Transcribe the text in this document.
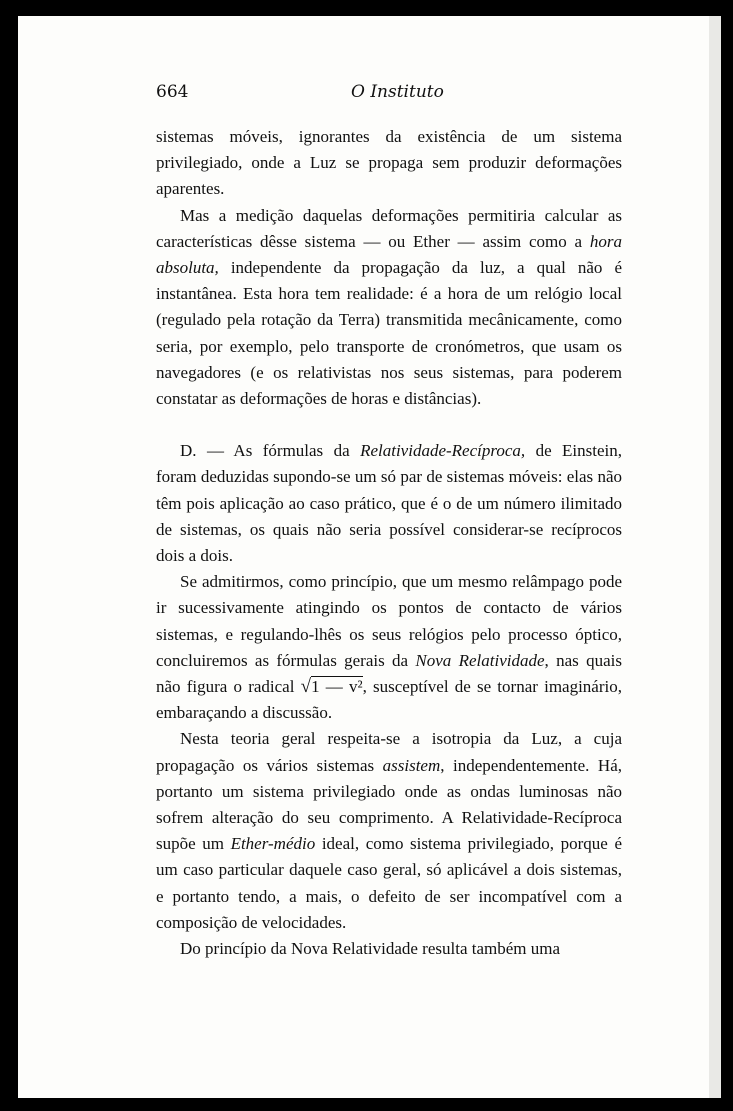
664	O Instituto

sistemas móveis, ignorantes da existência de um sistema privilegiado, onde a Luz se propaga sem produzir deformações aparentes.

Mas a medição daquelas deformações permitiria calcular as características dêsse sistema — ou Ether — assim como a hora absoluta, independente da propagação da luz, a qual não é instantânea. Esta hora tem realidade: é a hora de um relógio local (regulado pela rotação da Terra) transmitida mecânicamente, como seria, por exemplo, pelo transporte de cronómetros, que usam os navegadores (e os relativistas nos seus sistemas, para poderem constatar as deformações de horas e distâncias).

D. — As fórmulas da Relatividade-Recíproca, de Einstein, foram deduzidas supondo-se um só par de sistemas móveis: elas não têm pois aplicação ao caso prático, que é o de um número ilimitado de sistemas, os quais não seria possível considerar-se recíprocos dois a dois.

Se admitirmos, como princípio, que um mesmo relâmpago pode ir sucessivamente atingindo os pontos de contacto de vários sistemas, e regulando-lhês os seus relógios pelo processo óptico, concluiremos as fórmulas gerais da Nova Relatividade, nas quais não figura o radical √1 — v², susceptível de se tornar imaginário, embaraçando a discussão.

Nesta teoria geral respeita-se a isotropia da Luz, a cuja propagação os vários sistemas assistem, independentemente. Há, portanto um sistema privilegiado onde as ondas luminosas não sofrem alteração do seu comprimento. A Relatividade-Recíproca supõe um Ether-médio ideal, como sistema privilegiado, porque é um caso particular daquele caso geral, só aplicável a dois sistemas, e portanto tendo, a mais, o defeito de ser incompatível com a composição de velocidades.

Do princípio da Nova Relatividade resulta também uma
